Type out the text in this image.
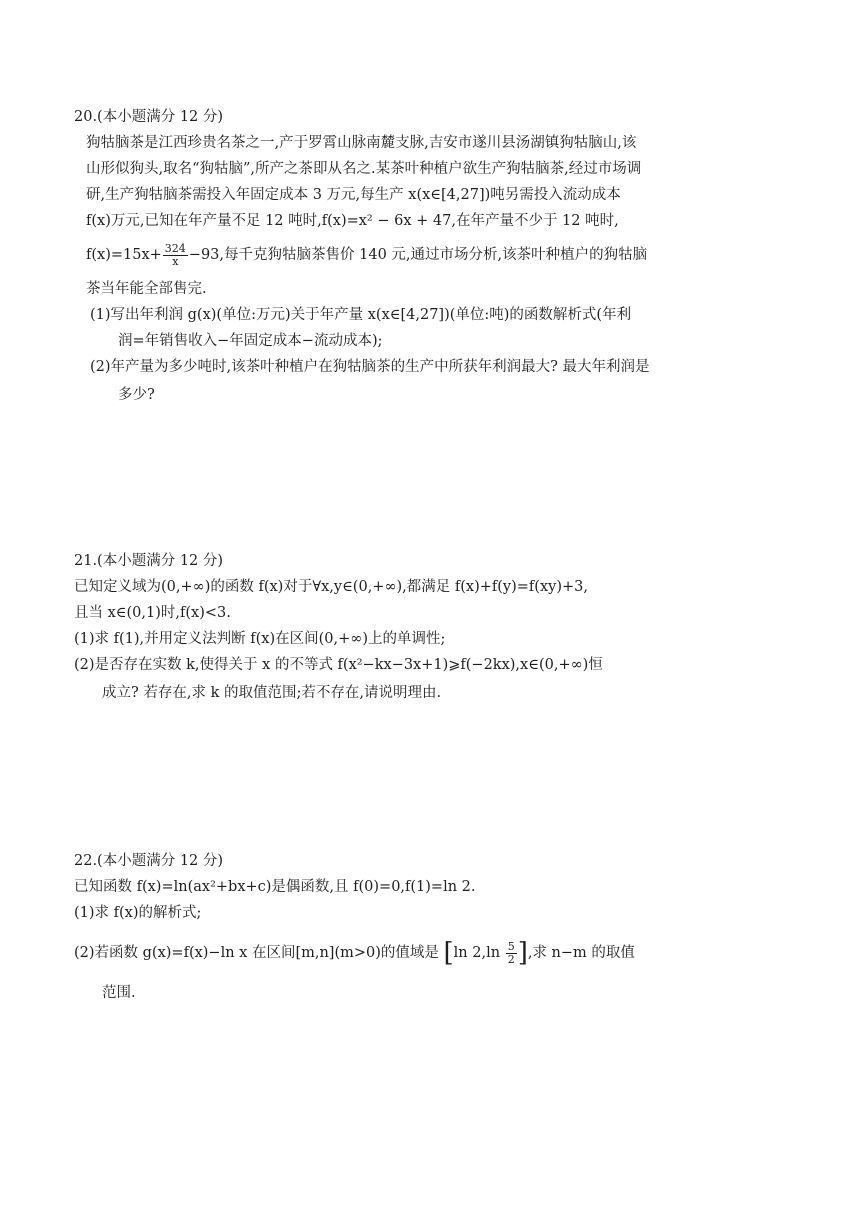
20.(本小题满分 12 分)
狗牯脑茶是江西珍贵名茶之一,产于罗霄山脉南麓支脉,吉安市遂川县汤湖镇狗牯脑山,该
山形似狗头,取名“狗牯脑”,所产之茶即从名之.某茶叶种植户欲生产狗牯脑茶,经过市场调
研,生产狗牯脑茶需投入年固定成本 3 万元,每生产 x(x∈[4,27])吨另需投入流动成本
f(x)万元,已知在年产量不足 12 吨时,f(x)=x² − 6x + 47,在年产量不少于 12 吨时,
$f(x)=15x+ \frac{324}{x} -93$,每千克狗牯脑茶售价 140 元,通过市场分析,该茶叶种植户的狗牯脑
茶当年能全部售完.
(1)写出年利润 g(x)(单位:万元)关于年产量 x(x∈[4,27])(单位:吨)的函数解析式(年利
润=年销售收入−年固定成本−流动成本);
(2)年产量为多少吨时,该茶叶种植户在狗牯脑茶的生产中所获年利润最大? 最大年利润是
多少?
21.(本小题满分 12 分)
已知定义域为(0,+∞)的函数 f(x)对于∀x,y∈(0,+∞),都满足 f(x)+f(y)=f(xy)+3,
且当 x∈(0,1)时,f(x)<3.
(1)求 f(1),并用定义法判断 f(x)在区间(0,+∞)上的单调性;
(2)是否存在实数 k,使得关于 x 的不等式 f(x²−kx−3x+1)⩾f(−2kx),x∈(0,+∞)恒
成立? 若存在,求 k 的取值范围;若不存在,请说明理由.
22.(本小题满分 12 分)
已知函数 f(x)=ln(ax²+bx+c)是偶函数,且 f(0)=0,f(1)=ln 2.
(1)求 f(x)的解析式;
(2)若函数 g(x)=f(x)−ln x 在区间[m,n](m>0)的值域是 [ln $2,\ln \frac{5}{2}$ ],求 n−m 的取值
范围.
